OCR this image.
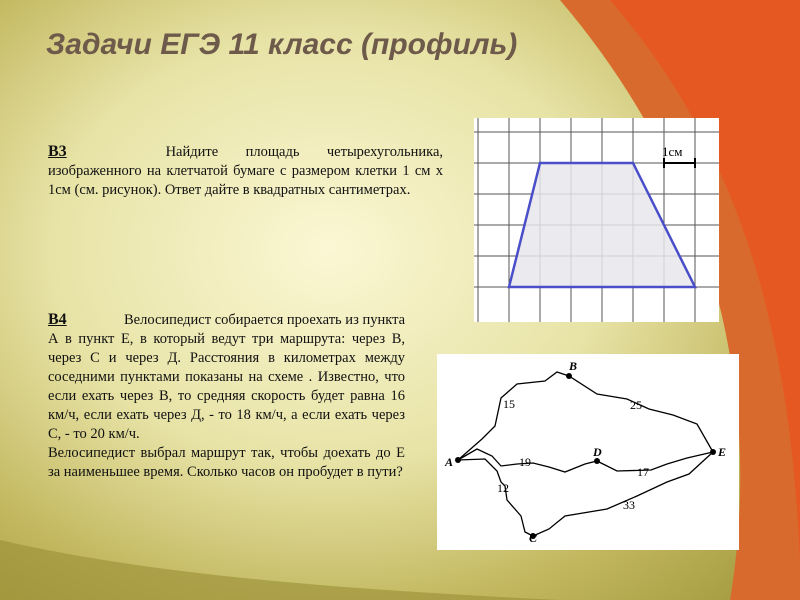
Задачи ЕГЭ 11 класс (профиль)
В3	Найдите площадь четырехугольника, изображенного на клетчатой бумаге с размером клетки 1 см х 1см (см. рисунок). Ответ дайте в квадратных сантиметрах.
1см
В4	Велосипедист собирается проехать из пункта А в пункт Е, в который ведут три маршрута: через В, через С и через Д. Расстояния в километрах между соседними пунктами показаны на схеме . Известно, что если ехать через В, то средняя скорость будет равна 16 км/ч, если ехать через Д, - то 18 км/ч, а если ехать через С, - то 20 км/ч.
Велосипедист выбрал маршрут так, чтобы доехать до Е за наименьшее время. Сколько часов он пробудет в пути?
A
B
D
C
E
15	25
19
17
12
33
